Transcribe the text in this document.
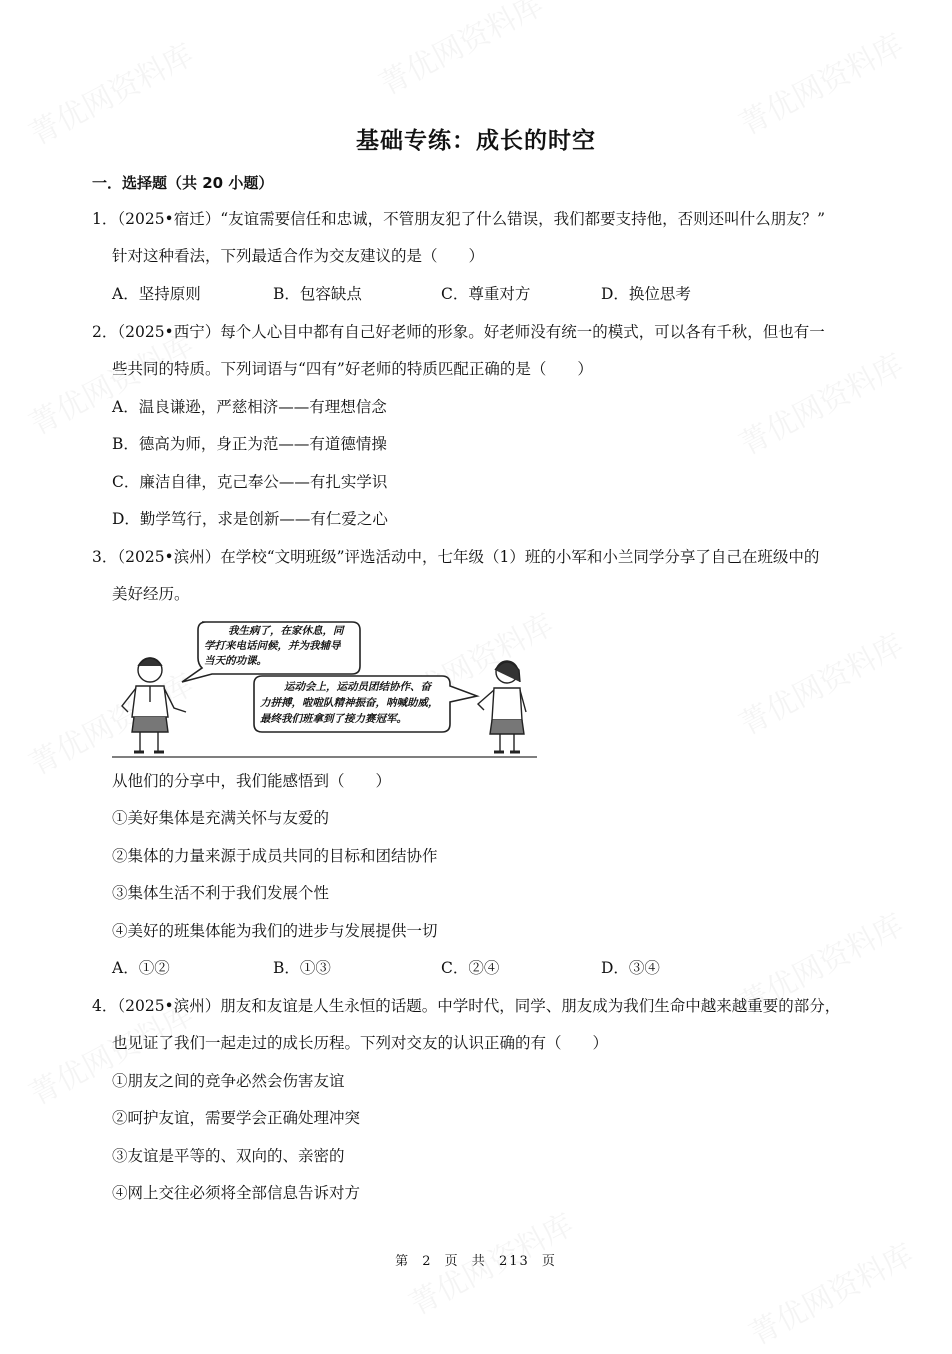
基础专练：成长的时空
一．选择题（共 20 小题）
1．（2025•宿迁）“友谊需要信任和忠诚，不管朋友犯了什么错误，我们都要支持他，否则还叫什么朋友？”
针对这种看法，下列最适合作为交友建议的是（　　）
A．坚持原则	B．包容缺点	C．尊重对方	D．换位思考
2．（2025•西宁）每个人心目中都有自己好老师的形象。好老师没有统一的模式，可以各有千秋，但也有一
些共同的特质。下列词语与“四有”好老师的特质匹配正确的是（　　）
A．温良谦逊，严慈相济——有理想信念
B．德高为师，身正为范——有道德情操
C．廉洁自律，克己奉公——有扎实学识
D．勤学笃行，求是创新——有仁爱之心
3．（2025•滨州）在学校“文明班级”评选活动中，七年级（1）班的小军和小兰同学分享了自己在班级中的
美好经历。
我生病了，在家休息，同
学打来电话问候，并为我辅导
当天的功课。
运动会上，运动员团结协作、奋
力拼搏，啦啦队精神振奋，呐喊助威，
最终我们班拿到了接力赛冠军。
从他们的分享中，我们能感悟到（　　）
①美好集体是充满关怀与友爱的
②集体的力量来源于成员共同的目标和团结协作
③集体生活不利于我们发展个性
④美好的班集体能为我们的进步与发展提供一切
A．①②	B．①③	C．②④	D．③④
4．（2025•滨州）朋友和友谊是人生永恒的话题。中学时代，同学、朋友成为我们生命中越来越重要的部分，
也见证了我们一起走过的成长历程。下列对交友的认识正确的有（　　）
①朋友之间的竞争必然会伤害友谊
②呵护友谊，需要学会正确处理冲突
③友谊是平等的、双向的、亲密的
④网上交往必须将全部信息告诉对方
第 2 页 共 213 页
